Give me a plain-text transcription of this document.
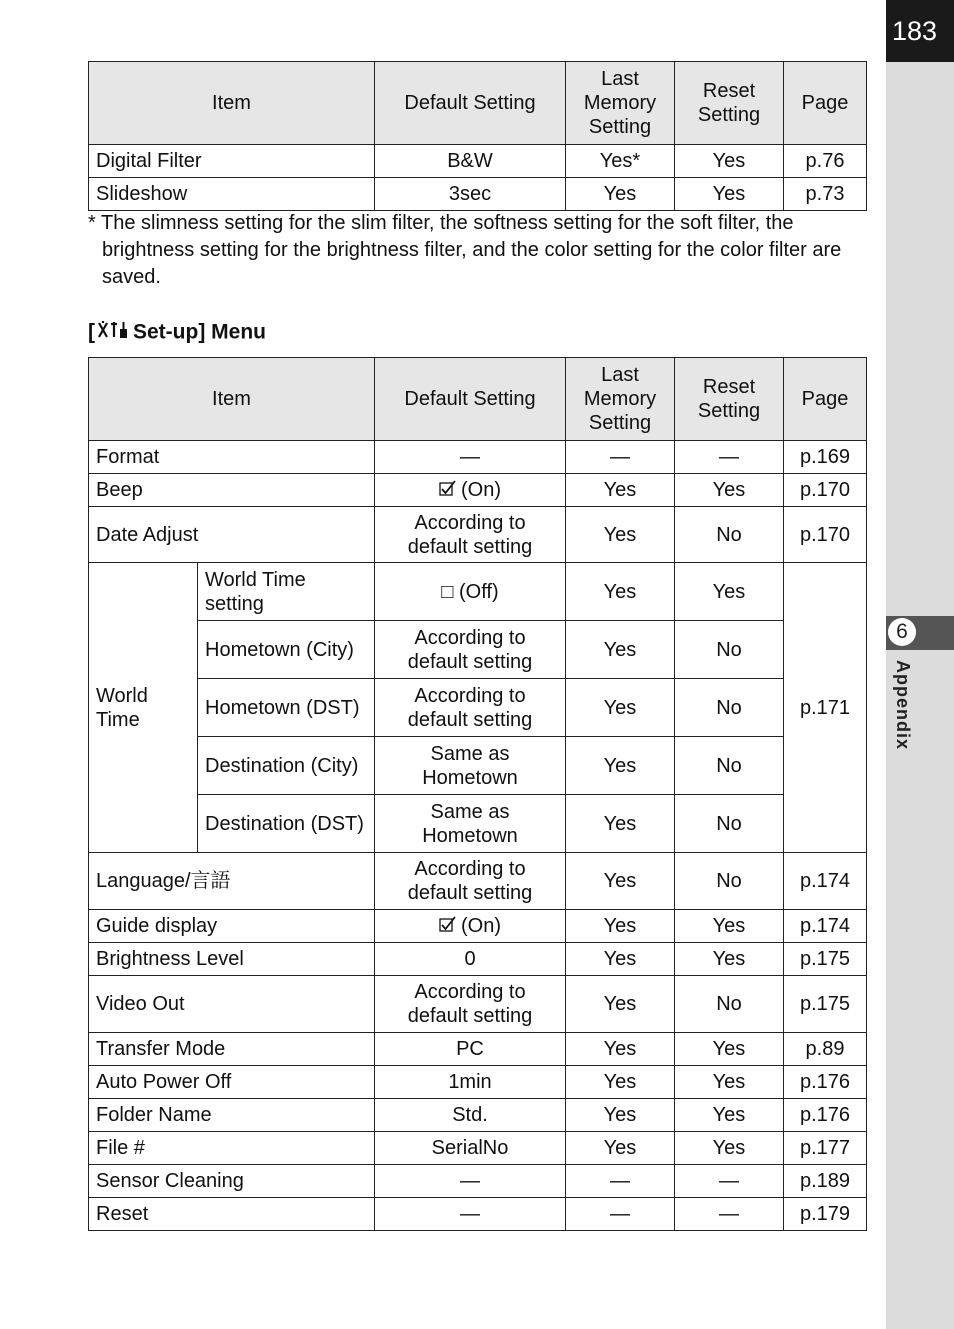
183
6
Appendix
Item	Default Setting	Last Memory Setting	Reset Setting	Page
Digital Filter	B&W	Yes*	Yes	p.76
Slideshow	3sec	Yes	Yes	p.73
* The slimness setting for the slim filter, the softness setting for the soft filter, the brightness setting for the brightness filter, and the color setting for the color filter are saved.
[ Set-up] Menu
Item		Default Setting	Last Memory Setting	Reset Setting	Page
Format		—	—	—	p.169
Beep		(On)	Yes	Yes	p.170
Date Adjust		According to default setting	Yes	No	p.170
World Time	World Time setting	□ (Off)	Yes	Yes	p.171
	Hometown (City)	According to default setting	Yes	No	
	Hometown (DST)	According to default setting	Yes	No	
	Destination (City)	Same as Hometown	Yes	No	
	Destination (DST)	Same as Hometown	Yes	No	
Language/言語		According to default setting	Yes	No	p.174
Guide display		(On)	Yes	Yes	p.174
Brightness Level		0	Yes	Yes	p.175
Video Out		According to default setting	Yes	No	p.175
Transfer Mode		PC	Yes	Yes	p.89
Auto Power Off		1min	Yes	Yes	p.176
Folder Name		Std.	Yes	Yes	p.176
File #		SerialNo	Yes	Yes	p.177
Sensor Cleaning		—	—	—	p.189
Reset		—	—	—	p.179
